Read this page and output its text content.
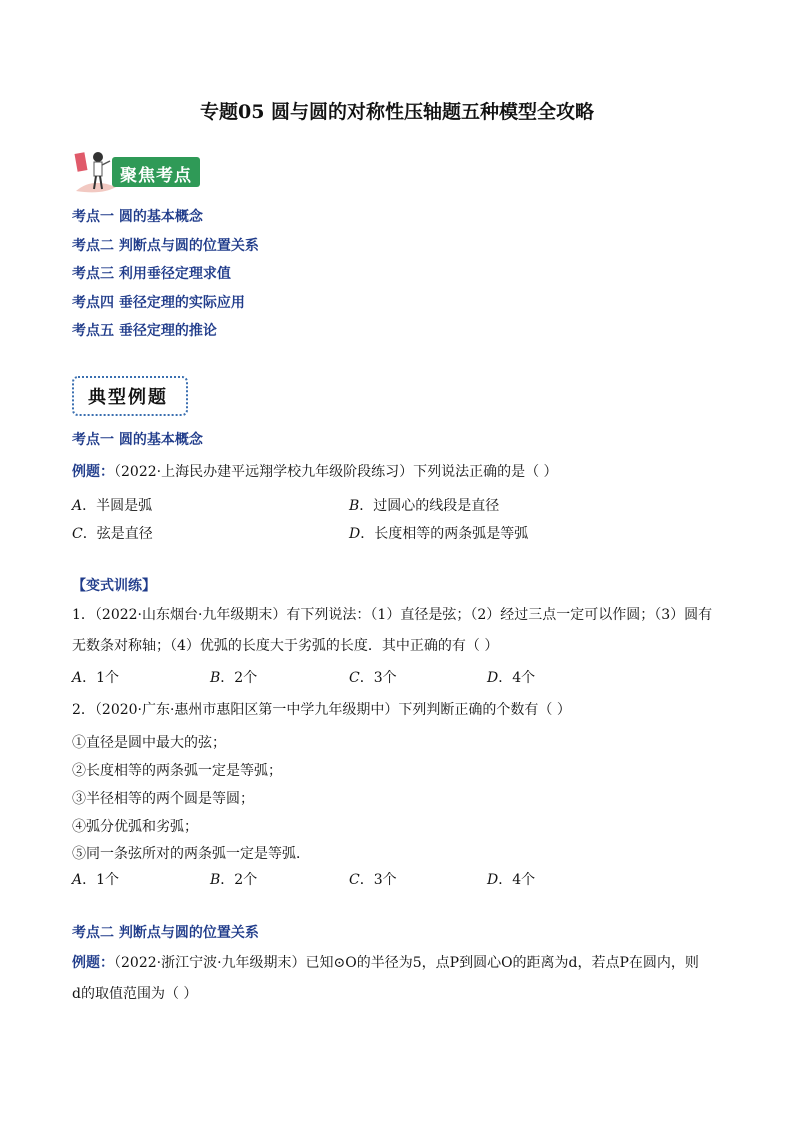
专题05 圆与圆的对称性压轴题五种模型全攻略
聚焦考点
考点一 圆的基本概念
考点二 判断点与圆的位置关系
考点三 利用垂径定理求值
考点四 垂径定理的实际应用
考点五 垂径定理的推论
典型例题
考点一 圆的基本概念
例题：（2022·上海民办建平远翔学校九年级阶段练习）下列说法正确的是（ ）
A．半圆是弧	B．过圆心的线段是直径
C．弦是直径	D．长度相等的两条弧是等弧
【变式训练】
1．（2022·山东烟台·九年级期末）有下列说法：（1）直径是弦；（2）经过三点一定可以作圆；（3）圆有
无数条对称轴；（4）优弧的长度大于劣弧的长度．其中正确的有（ ）
A．1个	B．2个	C．3个	D．4个
2．（2020·广东·惠州市惠阳区第一中学九年级期中）下列判断正确的个数有（ ）
①直径是圆中最大的弦；
②长度相等的两条弧一定是等弧；
③半径相等的两个圆是等圆；
④弧分优弧和劣弧；
⑤同一条弦所对的两条弧一定是等弧．
A．1个	B．2个	C．3个	D．4个
考点二 判断点与圆的位置关系
例题：（2022·浙江宁波·九年级期末）已知⊙O的半径为5，点P到圆心O的距离为d，若点P在圆内，则
d的取值范围为（ ）
